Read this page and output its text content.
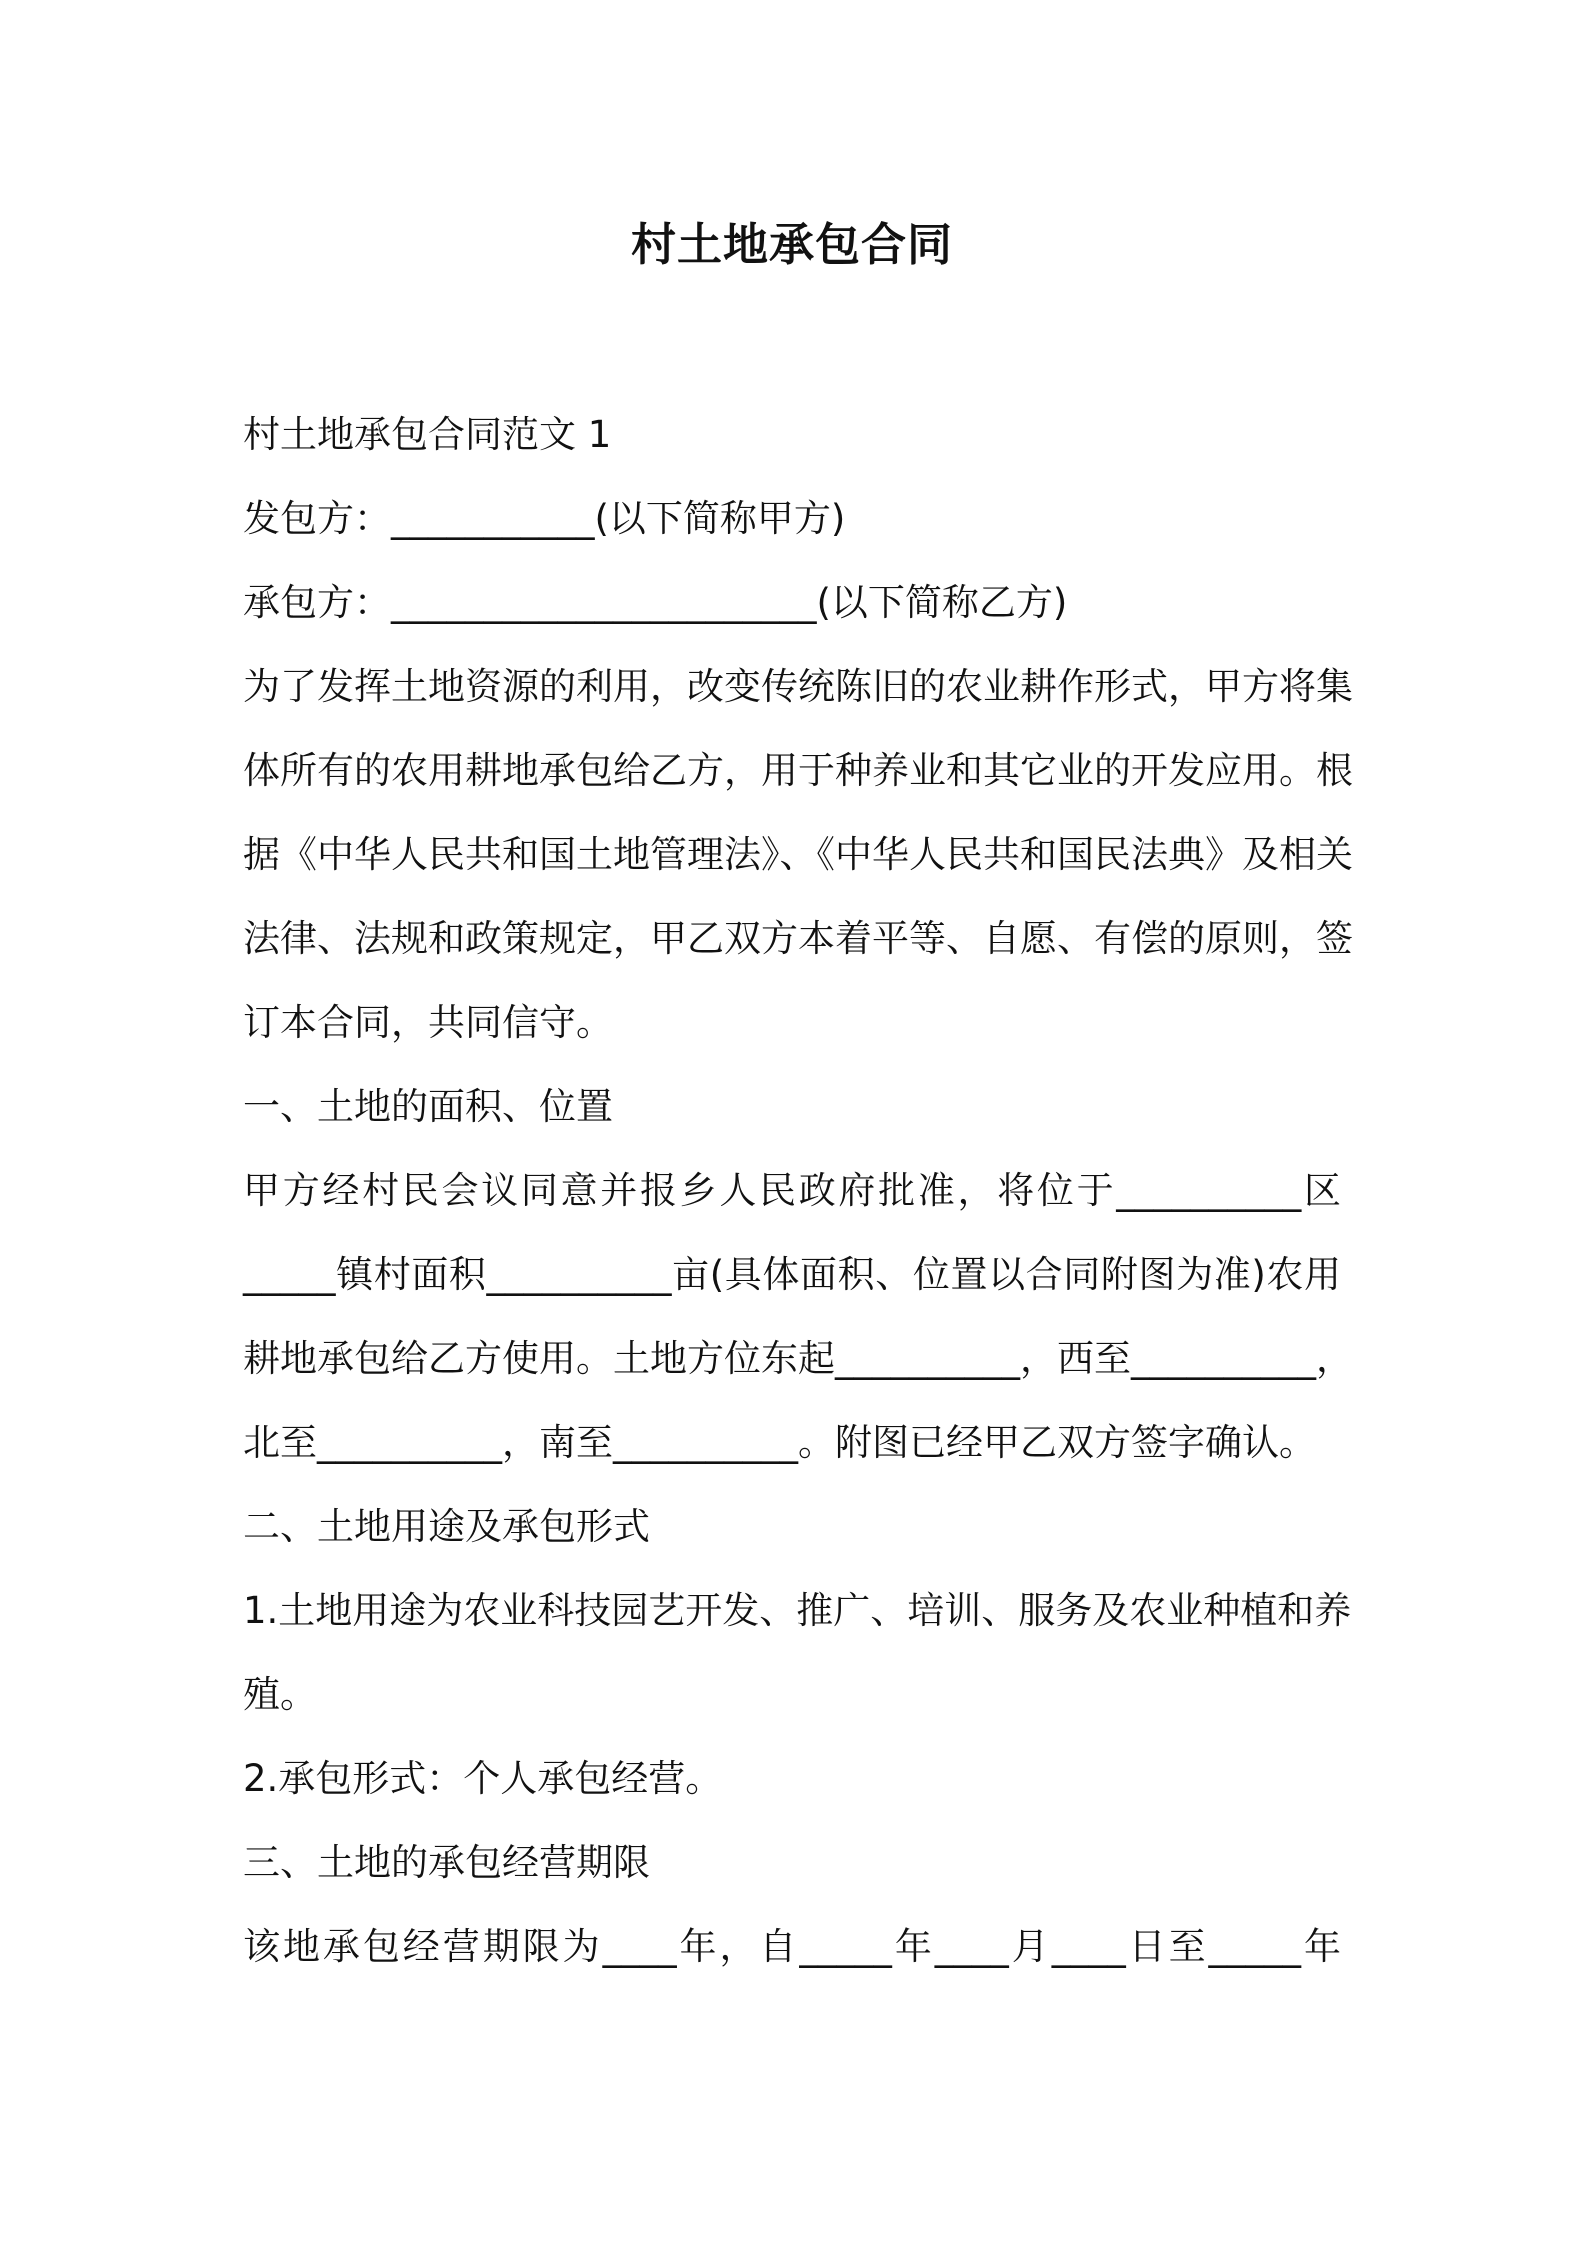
村土地承包合同

村土地承包合同范文 1

发包方：___________(以下简称甲方)

承包方：_______________________(以下简称乙方)

为了发挥土地资源的利用，改变传统陈旧的农业耕作形式，甲方将集

体所有的农用耕地承包给乙方，用于种养业和其它业的开发应用。根

据《中华人民共和国土地管理法》、《中华人民共和国民法典》及相关

法律、法规和政策规定，甲乙双方本着平等、自愿、有偿的原则，签

订本合同，共同信守。

一、土地的面积、位置

甲方经村民会议同意并报乡人民政府批准，将位于__________区

_____镇村面积__________亩(具体面积、位置以合同附图为准)农用

耕地承包给乙方使用。土地方位东起__________，西至__________，

北至__________，南至__________。附图已经甲乙双方签字确认。

二、土地用途及承包形式

1.土地用途为农业科技园艺开发、推广、培训、服务及农业种植和养

殖。

2.承包形式：个人承包经营。

三、土地的承包经营期限

该地承包经营期限为____年，自_____年____月____日至_____年
